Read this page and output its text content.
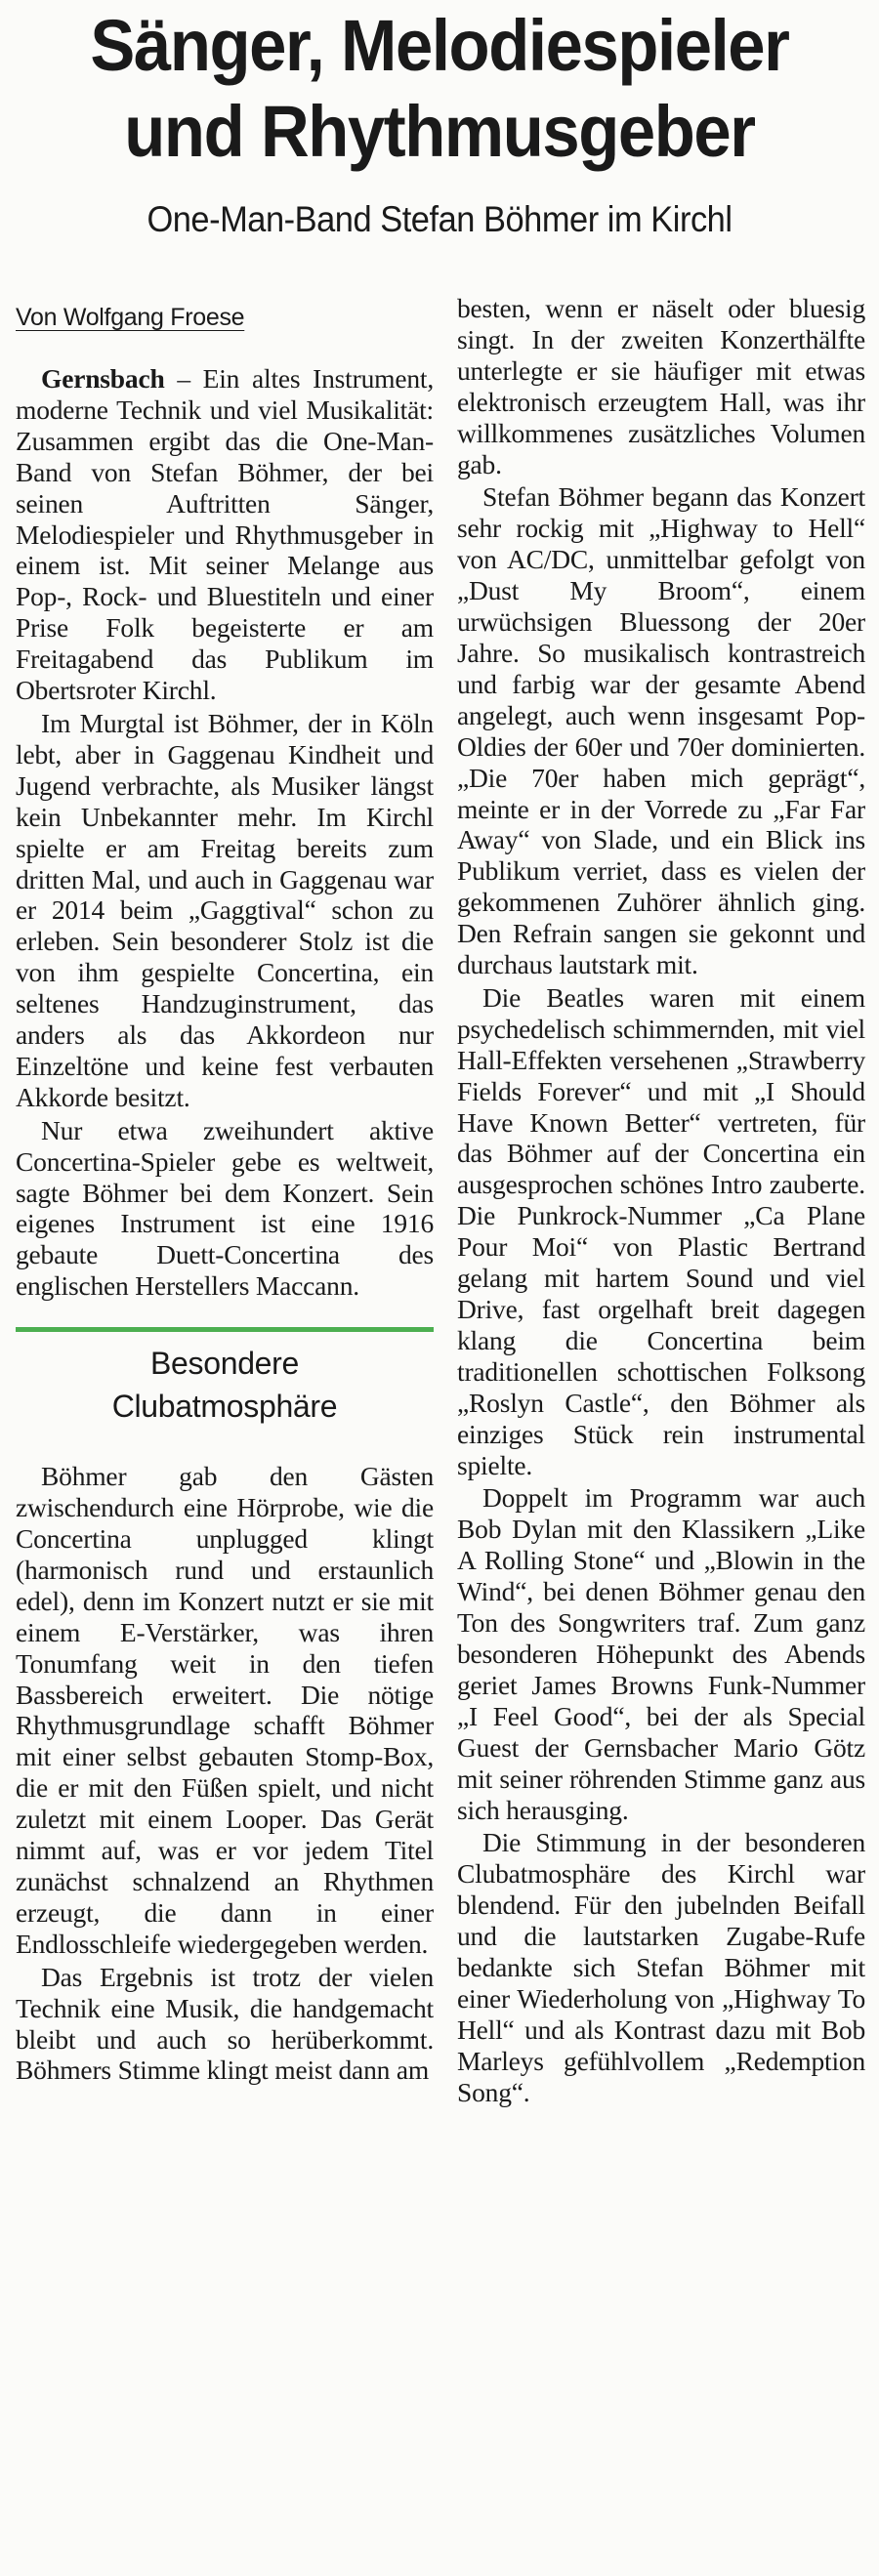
Sänger, Melodiespieler
und Rhythmusgeber
One-Man-Band Stefan Böhmer im Kirchl
Von Wolfgang Froese

Gernsbach – Ein altes Instrument, moderne Technik und viel Musikalität: Zusammen ergibt das die One-Man-Band von Stefan Böhmer, der bei seinen Auftritten Sänger, Melodiespieler und Rhythmusgeber in einem ist. Mit seiner Melange aus Pop-, Rock- und Bluestiteln und einer Prise Folk begeisterte er am Freitagabend das Publikum im Obertsroter Kirchl.

Im Murgtal ist Böhmer, der in Köln lebt, aber in Gaggenau Kindheit und Jugend verbrachte, als Musiker längst kein Unbekannter mehr. Im Kirchl spielte er am Freitag bereits zum dritten Mal, und auch in Gaggenau war er 2014 beim „Gaggtival“ schon zu erleben. Sein besonderer Stolz ist die von ihm gespielte Concertina, ein seltenes Handzuginstrument, das anders als das Akkordeon nur Einzeltöne und keine fest verbauten Akkorde besitzt.

Nur etwa zweihundert aktive Concertina-Spieler gebe es weltweit, sagte Böhmer bei dem Konzert. Sein eigenes Instrument ist eine 1916 gebaute Duett-Concertina des englischen Herstellers Maccann.

Besondere
Clubatmosphäre

Böhmer gab den Gästen zwischendurch eine Hörprobe, wie die Concertina unplugged klingt (harmonisch rund und erstaunlich edel), denn im Konzert nutzt er sie mit einem E-Verstärker, was ihren Tonumfang weit in den tiefen Bassbereich erweitert. Die nötige Rhythmusgrundlage schafft Böhmer mit einer selbst gebauten Stomp-Box, die er mit den Füßen spielt, und nicht zuletzt mit einem Looper. Das Gerät nimmt auf, was er vor jedem Titel zunächst schnalzend an Rhythmen erzeugt, die dann in einer Endlosschleife wiedergegeben werden.

Das Ergebnis ist trotz der vielen Technik eine Musik, die handgemacht bleibt und auch so herüberkommt. Böhmers Stimme klingt meist dann am

besten, wenn er näselt oder bluesig singt. In der zweiten Konzerthälfte unterlegte er sie häufiger mit etwas elektronisch erzeugtem Hall, was ihr willkommenes zusätzliches Volumen gab.

Stefan Böhmer begann das Konzert sehr rockig mit „Highway to Hell“ von AC/DC, unmittelbar gefolgt von „Dust My Broom“, einem urwüchsigen Bluessong der 20er Jahre. So musikalisch kontrastreich und farbig war der gesamte Abend angelegt, auch wenn insgesamt Pop-Oldies der 60er und 70er dominierten. „Die 70er haben mich geprägt“, meinte er in der Vorrede zu „Far Far Away“ von Slade, und ein Blick ins Publikum verriet, dass es vielen der gekommenen Zuhörer ähnlich ging. Den Refrain sangen sie gekonnt und durchaus lautstark mit.

Die Beatles waren mit einem psychedelisch schimmernden, mit viel Hall-Effekten versehenen „Strawberry Fields Forever“ und mit „I Should Have Known Better“ vertreten, für das Böhmer auf der Concertina ein ausgesprochen schönes Intro zauberte. Die Punkrock-Nummer „Ca Plane Pour Moi“ von Plastic Bertrand gelang mit hartem Sound und viel Drive, fast orgelhaft breit dagegen klang die Concertina beim traditionellen schottischen Folksong „Roslyn Castle“, den Böhmer als einziges Stück rein instrumental spielte.

Doppelt im Programm war auch Bob Dylan mit den Klassikern „Like A Rolling Stone“ und „Blowin in the Wind“, bei denen Böhmer genau den Ton des Songwriters traf. Zum ganz besonderen Höhepunkt des Abends geriet James Browns Funk-Nummer „I Feel Good“, bei der als Special Guest der Gernsbacher Mario Götz mit seiner röhrenden Stimme ganz aus sich herausging.

Die Stimmung in der besonderen Clubatmosphäre des Kirchl war blendend. Für den jubelnden Beifall und die lautstarken Zugabe-Rufe bedankte sich Stefan Böhmer mit einer Wiederholung von „Highway To Hell“ und als Kontrast dazu mit Bob Marleys gefühlvollem „Redemption Song“.
